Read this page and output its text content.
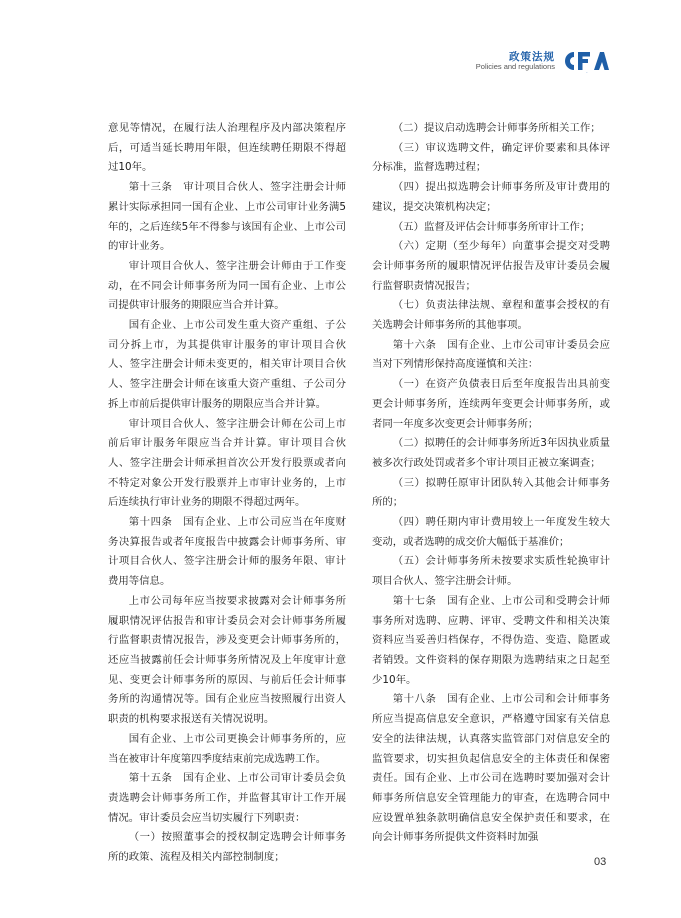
政策法规
Policies and regulations
CFA

意见等情况，在履行法人治理程序及内部决策程序后，可适当延长聘用年限，但连续聘任期限不得超过10年。

第十三条　审计项目合伙人、签字注册会计师累计实际承担同一国有企业、上市公司审计业务满5年的，之后连续5年不得参与该国有企业、上市公司的审计业务。

审计项目合伙人、签字注册会计师由于工作变动，在不同会计师事务所为同一国有企业、上市公司提供审计服务的期限应当合并计算。

国有企业、上市公司发生重大资产重组、子公司分拆上市，为其提供审计服务的审计项目合伙人、签字注册会计师未变更的，相关审计项目合伙人、签字注册会计师在该重大资产重组、子公司分拆上市前后提供审计服务的期限应当合并计算。

审计项目合伙人、签字注册会计师在公司上市前后审计服务年限应当合并计算。审计项目合伙人、签字注册会计师承担首次公开发行股票或者向不特定对象公开发行股票并上市审计业务的，上市后连续执行审计业务的期限不得超过两年。

第十四条　国有企业、上市公司应当在年度财务决算报告或者年度报告中披露会计师事务所、审计项目合伙人、签字注册会计师的服务年限、审计费用等信息。

上市公司每年应当按要求披露对会计师事务所履职情况评估报告和审计委员会对会计师事务所履行监督职责情况报告，涉及变更会计师事务所的，还应当披露前任会计师事务所情况及上年度审计意见、变更会计师事务所的原因、与前后任会计师事务所的沟通情况等。国有企业应当按照履行出资人职责的机构要求报送有关情况说明。

国有企业、上市公司更换会计师事务所的，应当在被审计年度第四季度结束前完成选聘工作。

第十五条　国有企业、上市公司审计委员会负责选聘会计师事务所工作，并监督其审计工作开展情况。审计委员会应当切实履行下列职责：

（一）按照董事会的授权制定选聘会计师事务所的政策、流程及相关内部控制制度；

（二）提议启动选聘会计师事务所相关工作；

（三）审议选聘文件，确定评价要素和具体评分标准，监督选聘过程；

（四）提出拟选聘会计师事务所及审计费用的建议，提交决策机构决定；

（五）监督及评估会计师事务所审计工作；

（六）定期（至少每年）向董事会提交对受聘会计师事务所的履职情况评估报告及审计委员会履行监督职责情况报告；

（七）负责法律法规、章程和董事会授权的有关选聘会计师事务所的其他事项。

第十六条　国有企业、上市公司审计委员会应当对下列情形保持高度谨慎和关注：

（一）在资产负债表日后至年度报告出具前变更会计师事务所，连续两年变更会计师事务所，或者同一年度多次变更会计师事务所；

（二）拟聘任的会计师事务所近3年因执业质量被多次行政处罚或者多个审计项目正被立案调查；

（三）拟聘任原审计团队转入其他会计师事务所的；

（四）聘任期内审计费用较上一年度发生较大变动，或者选聘的成交价大幅低于基准价；

（五）会计师事务所未按要求实质性轮换审计项目合伙人、签字注册会计师。

第十七条　国有企业、上市公司和受聘会计师事务所对选聘、应聘、评审、受聘文件和相关决策资料应当妥善归档保存，不得伪造、变造、隐匿或者销毁。文件资料的保存期限为选聘结束之日起至少10年。

第十八条　国有企业、上市公司和会计师事务所应当提高信息安全意识，严格遵守国家有关信息安全的法律法规，认真落实监管部门对信息安全的监管要求，切实担负起信息安全的主体责任和保密责任。国有企业、上市公司在选聘时要加强对会计师事务所信息安全管理能力的审查，在选聘合同中应设置单独条款明确信息安全保护责任和要求，在向会计师事务所提供文件资料时加强

03
